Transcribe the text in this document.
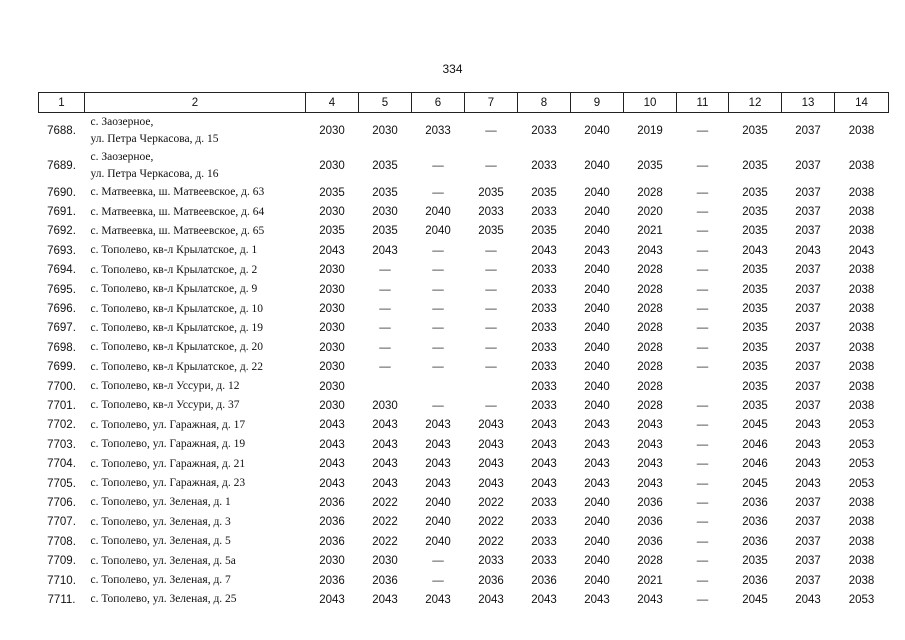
334
1	2	4	5	6	7	8	9	10	11	12	13	14
7688.	с. Заозерное,
ул. Петра Черкасова, д. 15	2030	2030	2033	—	2033	2040	2019	—	2035	2037	2038
7689.	с. Заозерное,
ул. Петра Черкасова, д. 16	2030	2035	—	—	2033	2040	2035	—	2035	2037	2038
7690.	с. Матвеевка, ш. Матвеевское, д. 63	2035	2035	—	2035	2035	2040	2028	—	2035	2037	2038
7691.	с. Матвеевка, ш. Матвеевское, д. 64	2030	2030	2040	2033	2033	2040	2020	—	2035	2037	2038
7692.	с. Матвеевка, ш. Матвеевское, д. 65	2035	2035	2040	2035	2035	2040	2021	—	2035	2037	2038
7693.	с. Тополево, кв-л Крылатское, д. 1	2043	2043	—	—	2043	2043	2043	—	2043	2043	2043
7694.	с. Тополево, кв-л Крылатское, д. 2	2030	—	—	—	2033	2040	2028	—	2035	2037	2038
7695.	с. Тополево, кв-л Крылатское, д. 9	2030	—	—	—	2033	2040	2028	—	2035	2037	2038
7696.	с. Тополево, кв-л Крылатское, д. 10	2030	—	—	—	2033	2040	2028	—	2035	2037	2038
7697.	с. Тополево, кв-л Крылатское, д. 19	2030	—	—	—	2033	2040	2028	—	2035	2037	2038
7698.	с. Тополево, кв-л Крылатское, д. 20	2030	—	—	—	2033	2040	2028	—	2035	2037	2038
7699.	с. Тополево, кв-л Крылатское, д. 22	2030	—	—	—	2033	2040	2028	—	2035	2037	2038
7700.	с. Тополево, кв-л Уссури, д. 12	2030				2033	2040	2028		2035	2037	2038
7701.	с. Тополево, кв-л Уссури, д. 37	2030	2030	—	—	2033	2040	2028	—	2035	2037	2038
7702.	с. Тополево, ул. Гаражная, д. 17	2043	2043	2043	2043	2043	2043	2043	—	2045	2043	2053
7703.	с. Тополево, ул. Гаражная, д. 19	2043	2043	2043	2043	2043	2043	2043	—	2046	2043	2053
7704.	с. Тополево, ул. Гаражная, д. 21	2043	2043	2043	2043	2043	2043	2043	—	2046	2043	2053
7705.	с. Тополево, ул. Гаражная, д. 23	2043	2043	2043	2043	2043	2043	2043	—	2045	2043	2053
7706.	с. Тополево, ул. Зеленая, д. 1	2036	2022	2040	2022	2033	2040	2036	—	2036	2037	2038
7707.	с. Тополево, ул. Зеленая, д. 3	2036	2022	2040	2022	2033	2040	2036	—	2036	2037	2038
7708.	с. Тополево, ул. Зеленая, д. 5	2036	2022	2040	2022	2033	2040	2036	—	2036	2037	2038
7709.	с. Тополево, ул. Зеленая, д. 5а	2030	2030	—	2033	2033	2040	2028	—	2035	2037	2038
7710.	с. Тополево, ул. Зеленая, д. 7	2036	2036	—	2036	2036	2040	2021	—	2036	2037	2038
7711.	с. Тополево, ул. Зеленая, д. 25	2043	2043	2043	2043	2043	2043	2043	—	2045	2043	2053
